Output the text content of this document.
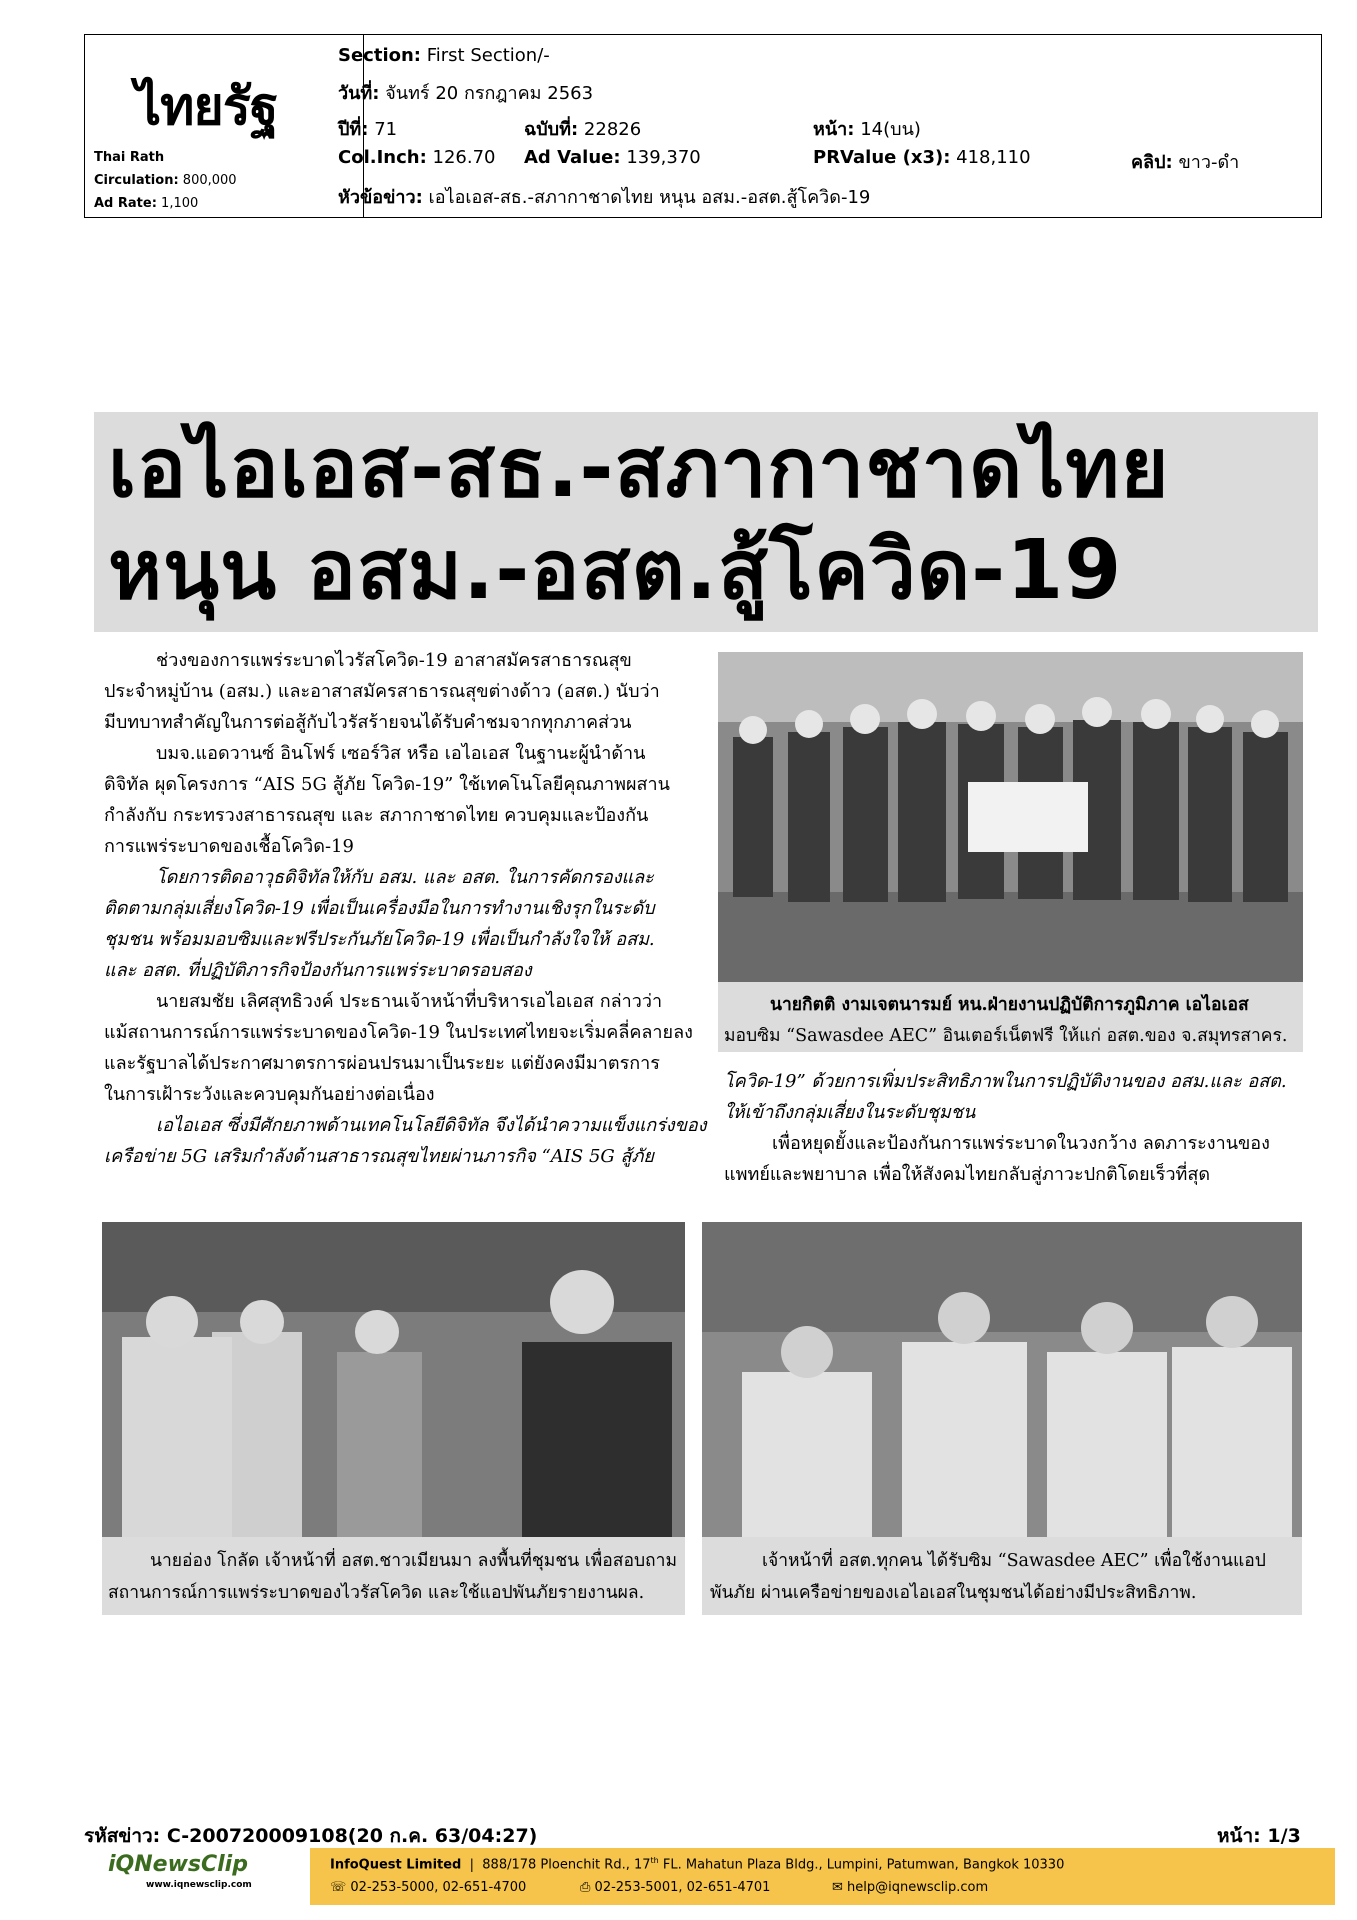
ไทยรัฐ
Thai Rath
Circulation: 800,000
Ad Rate: 1,100
Section: First Section/-
วันที่: จันทร์ 20 กรกฎาคม 2563
ปีที่: 71	ฉบับที่: 22826	หน้า: 14(บน)
Col.Inch: 126.70 Ad Value: 139,370	PRValue (x3): 418,110	คลิป: ขาว-ดำ
หัวข้อข่าว: เอไอเอส-สธ.-สภากาชาดไทย หนุน อสม.-อสต.สู้โควิด-19
เอไอเอส-สธ.-สภากาชาดไทย
หนุน อสม.-อสต.สู้โควิด-19
ช่วงของการแพร่ระบาดไวรัสโควิด-19 อาสาสมัครสาธารณสุข
ประจำหมู่บ้าน (อสม.) และอาสาสมัครสาธารณสุขต่างด้าว (อสต.) นับว่า
มีบทบาทสำคัญในการต่อสู้กับไวรัสร้ายจนได้รับคำชมจากทุกภาคส่วน
บมจ.แอดวานซ์ อินโฟร์ เซอร์วิส หรือ เอไอเอส ในฐานะผู้นำด้าน
ดิจิทัล ผุดโครงการ “AIS 5G สู้ภัย โควิด-19” ใช้เทคโนโลยีคุณภาพผสาน
กำลังกับ กระทรวงสาธารณสุข และ สภากาชาดไทย ควบคุมและป้องกัน
การแพร่ระบาดของเชื้อโควิด-19
โดยการติดอาวุธดิจิทัลให้กับ อสม. และ อสต. ในการคัดกรองและ
ติดตามกลุ่มเสี่ยงโควิด-19 เพื่อเป็นเครื่องมือในการทำงานเชิงรุกในระดับ
ชุมชน พร้อมมอบซิมและฟรีประกันภัยโควิด-19 เพื่อเป็นกำลังใจให้ อสม.
และ อสต. ที่ปฏิบัติภารกิจป้องกันการแพร่ระบาดรอบสอง
นายสมชัย เลิศสุทธิวงค์ ประธานเจ้าหน้าที่บริหารเอไอเอส กล่าวว่า
แม้สถานการณ์การแพร่ระบาดของโควิด-19 ในประเทศไทยจะเริ่มคลี่คลายลง
และรัฐบาลได้ประกาศมาตรการผ่อนปรนมาเป็นระยะ แต่ยังคงมีมาตรการ
ในการเฝ้าระวังและควบคุมกันอย่างต่อเนื่อง
เอไอเอส ซึ่งมีศักยภาพด้านเทคโนโลยีดิจิทัล จึงได้นำความแข็งแกร่งของ
เครือข่าย 5G เสริมกำลังด้านสาธารณสุขไทยผ่านภารกิจ “AIS 5G สู้ภัย
นายกิตติ งามเจตนารมย์ หน.ฝ่ายงานปฏิบัติการภูมิภาค เอไอเอส
มอบซิม “Sawasdee AEC” อินเตอร์เน็ตฟรี ให้แก่ อสต.ของ จ.สมุทรสาคร.
โควิด-19” ด้วยการเพิ่มประสิทธิภาพในการปฏิบัติงานของ อสม.และ อสต.
ให้เข้าถึงกลุ่มเสี่ยงในระดับชุมชน
เพื่อหยุดยั้งและป้องกันการแพร่ระบาดในวงกว้าง ลดภาระงานของ
แพทย์และพยาบาล เพื่อให้สังคมไทยกลับสู่ภาวะปกติโดยเร็วที่สุด
นายอ่อง โกลัด เจ้าหน้าที่ อสต.ชาวเมียนมา ลงพื้นที่ชุมชน เพื่อสอบถาม
สถานการณ์การแพร่ระบาดของไวรัสโควิด และใช้แอปพันภัยรายงานผล.
เจ้าหน้าที่ อสต.ทุกคน ได้รับซิม “Sawasdee AEC” เพื่อใช้งานแอป
พันภัย ผ่านเครือข่ายของเอไอเอสในชุมชนได้อย่างมีประสิทธิภาพ.
รหัสข่าว: C-200720009108(20 ก.ค. 63/04:27)	หน้า: 1/3
iQNewsClip
www.iqnewsclip.com
InfoQuest Limited  |  888/178 Ploenchit Rd., 17th FL. Mahatun Plaza Bldg., Lumpini, Patumwan, Bangkok 10330
☏ 02-253-5000, 02-651-4700	⎙ 02-253-5001, 02-651-4701	✉ help@iqnewsclip.com
